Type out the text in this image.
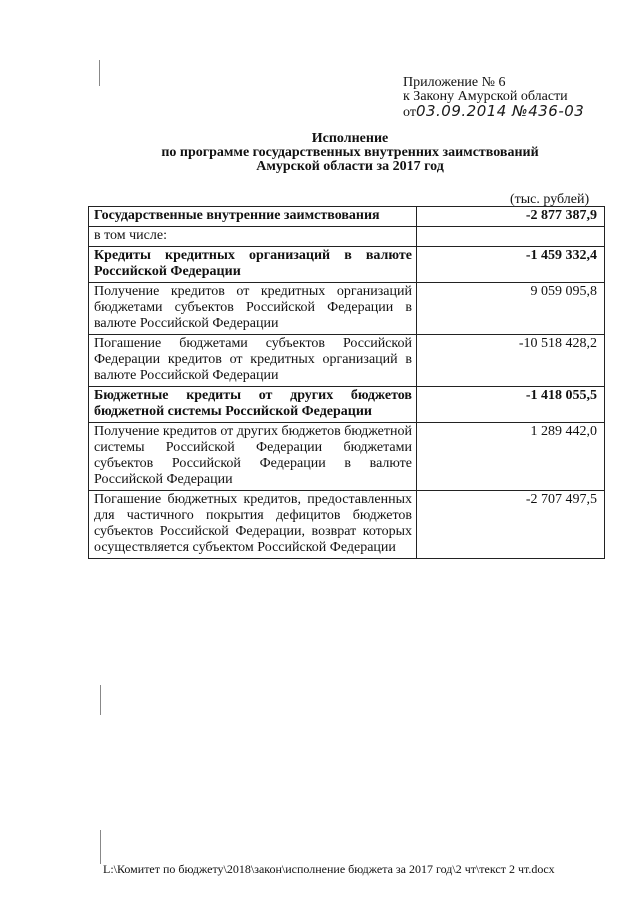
Приложение № 6
к Закону Амурской области
от03.09.2014 №436-03
Исполнение
по программе государственных внутренних заимствований
Амурской области за 2017 год
(тыс. рублей)
Государственные внутренние заимствования	-2 877 387,9
в том числе:	
Кредиты кредитных организаций в валюте Российской Федерации	-1 459 332,4
Получение кредитов от кредитных организаций бюджетами субъектов Российской Федерации в валюте Российской Федерации	9 059 095,8
Погашение бюджетами субъектов Российской Федерации кредитов от кредитных организаций в валюте Российской Федерации	-10 518 428,2
Бюджетные кредиты от других бюджетов бюджетной системы Российской Федерации	-1 418 055,5
Получение кредитов от других бюджетов бюджетной системы Российской Федерации бюджетами субъектов Российской Федерации в валюте Российской Федерации	1 289 442,0
Погашение бюджетных кредитов, предоставленных для частичного покрытия дефицитов бюджетов субъектов Российской Федерации, возврат которых осуществляется субъектом Российской Федерации	-2 707 497,5
L:\Комитет по бюджету\2018\закон\исполнение бюджета за 2017 год\2 чт\текст 2 чт.docx
